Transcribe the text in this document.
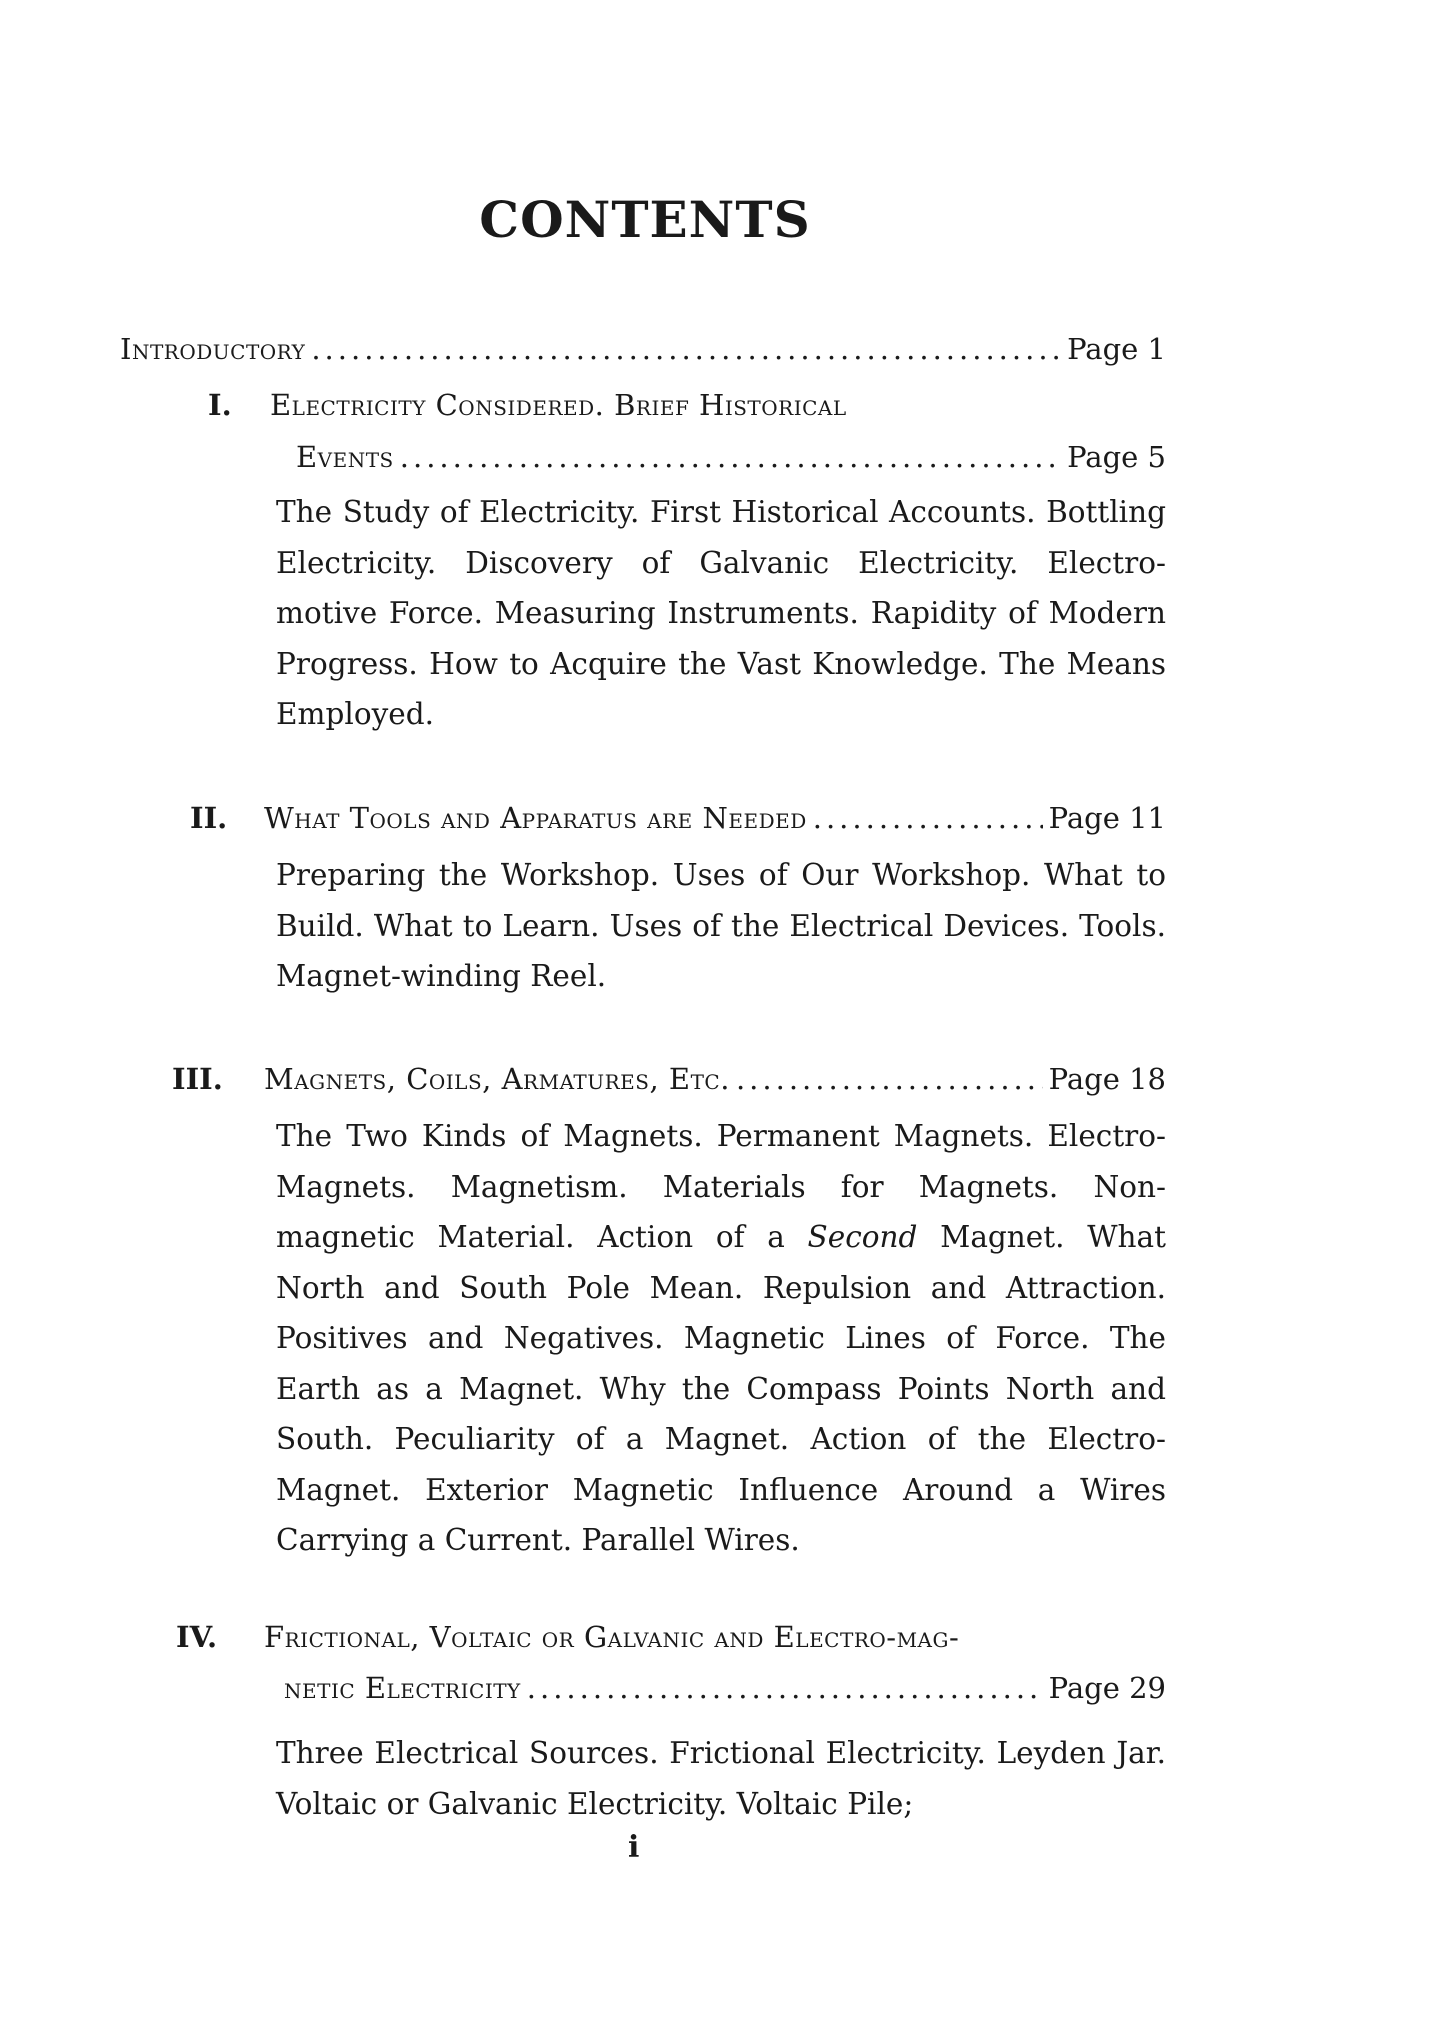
CONTENTS
Introductory .....	Page 1
I.	Electricity Considered. Brief Historical
Events .....	Page 5
The Study of Electricity. First Historical Accounts. Bottling Electricity. Discovery of Galvanic Electricity. Electro-motive Force. Measuring Instruments. Rapidity of Modern Progress. How to Acquire the Vast Knowledge. The Means Employed.
II.	What Tools and Apparatus are Needed .....	Page 11
Preparing the Workshop. Uses of Our Workshop. What to Build. What to Learn. Uses of the Electrical Devices. Tools. Magnet-winding Reel.
III.	Magnets, Coils, Armatures, Etc. .....	Page 18
The Two Kinds of Magnets. Permanent Magnets. Electro-Magnets. Magnetism. Materials for Magnets. Non-magnetic Material. Action of a Second Magnet. What North and South Pole Mean. Repulsion and Attraction. Positives and Negatives. Magnetic Lines of Force. The Earth as a Magnet. Why the Compass Points North and South. Peculiarity of a Magnet. Action of the Electro-Magnet. Exterior Magnetic Influence Around a Wires Carrying a Current. Parallel Wires.
IV.	Frictional, Voltaic or Galvanic and Electro-mag-
netic Electricity .....	Page 29
Three Electrical Sources. Frictional Electricity. Leyden Jar. Voltaic or Galvanic Electricity. Voltaic Pile;
i
